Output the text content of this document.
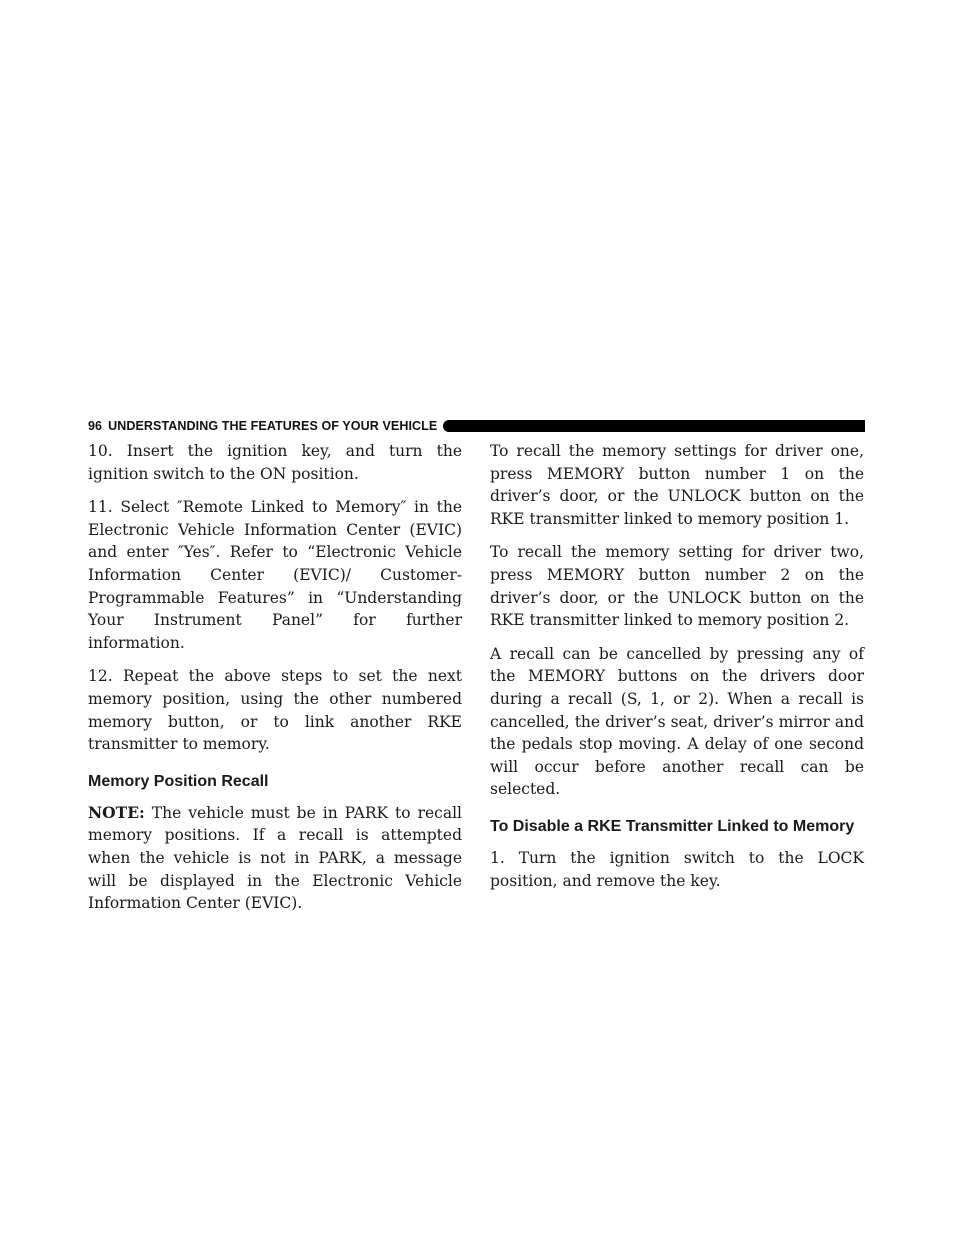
96 UNDERSTANDING THE FEATURES OF YOUR VEHICLE

10. Insert the ignition key, and turn the ignition switch to the ON position.

11. Select ″Remote Linked to Memory″ in the Electronic Vehicle Information Center (EVIC) and enter ″Yes″. Refer to “Electronic Vehicle Information Center (EVIC)/ Customer-Programmable Features” in “Understanding Your Instrument Panel” for further information.

12. Repeat the above steps to set the next memory position, using the other numbered memory button, or to link another RKE transmitter to memory.

Memory Position Recall

NOTE: The vehicle must be in PARK to recall memory positions. If a recall is attempted when the vehicle is not in PARK, a message will be displayed in the Electronic Vehicle Information Center (EVIC).

To recall the memory settings for driver one, press MEMORY button number 1 on the driver’s door, or the UNLOCK button on the RKE transmitter linked to memory position 1.

To recall the memory setting for driver two, press MEMORY button number 2 on the driver’s door, or the UNLOCK button on the RKE transmitter linked to memory position 2.

A recall can be cancelled by pressing any of the MEMORY buttons on the drivers door during a recall (S, 1, or 2). When a recall is cancelled, the driver’s seat, driver’s mirror and the pedals stop moving. A delay of one second will occur before another recall can be selected.

To Disable a RKE Transmitter Linked to Memory

1. Turn the ignition switch to the LOCK position, and remove the key.
